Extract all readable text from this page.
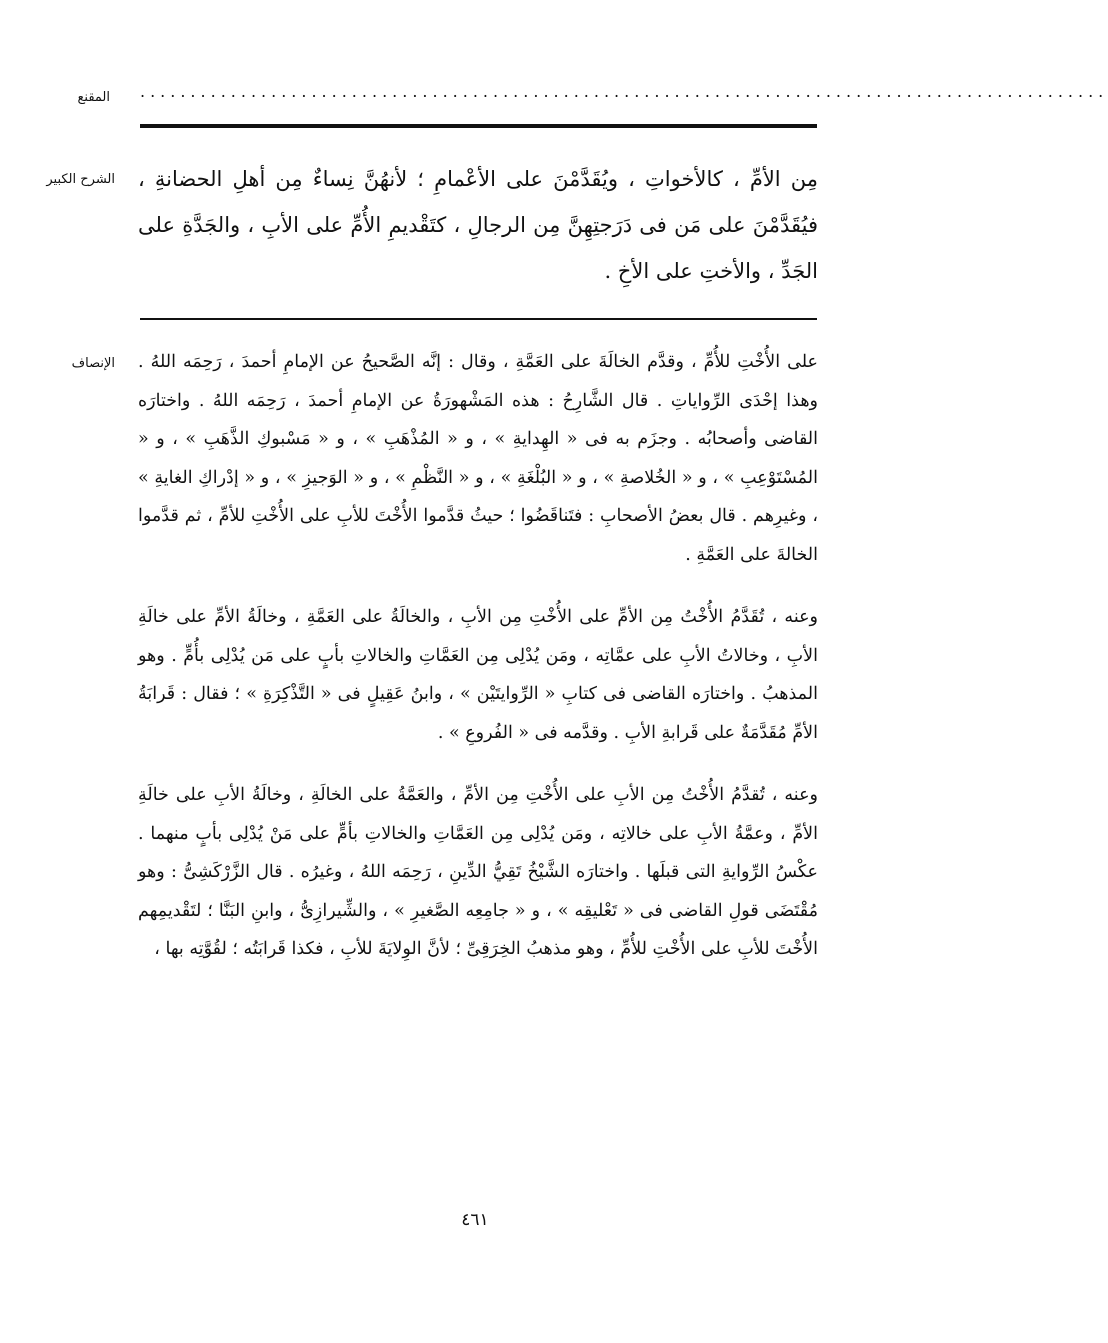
المقنع ................................................................................................
الشرح الكبير مِن الأمِّ ، كالأخواتِ ، ويُقَدَّمْنَ على الأعْمامِ ؛ لأنهُنَّ نِساءٌ مِن أهلِ الحضانةِ ، فيُقَدَّمْنَ على مَن فى دَرَجتِهِنَّ مِن الرجالِ ، كتَقْديمِ الأُمِّ على الأبِ ، والجَدَّةِ على الجَدِّ ، والأختِ على الأخِ .
الإنصاف على الأُخْتِ للأُمِّ ، وقدَّم الخالَةَ على العَمَّةِ ، وقال : إنَّه الصَّحيحُ عن الإمامِ أحمدَ ، رَحِمَه اللهُ . وهذا إحْدَى الرِّواياتِ . قال الشَّارِحُ : هذه المَشْهورَةُ عن الإمامِ أحمدَ ، رَحِمَه اللهُ . واختارَه القاضى وأصحابُه . وجزَم به فى « الهِدايةِ » ، و « المُذْهَبِ » ، و « مَسْبوكِ الذَّهَبِ » ، و « المُسْتَوْعِبِ » ، و « الخُلاصةِ » ، و « البُلْغَةِ » ، و « النَّظْمِ » ، و « الوَجيزِ » ، و « إدْراكِ الغايةِ » ، وغيرِهم . قال بعضُ الأصحابِ : فتَناقَضُوا ؛ حيثُ قدَّموا الأُخْتَ للأبِ على الأُخْتِ للأمِّ ، ثم قدَّموا الخالةَ على العَمَّةِ .

وعنه ، تُقَدَّمُ الأُخْتُ مِن الأمِّ على الأُخْتِ مِن الأبِ ، والخالَةُ على العَمَّةِ ، وخالَةُ الأمِّ على خالَةِ الأبِ ، وخالاتُ الأبِ على عمَّاتِه ، ومَن يُدْلِى مِن العَمَّاتِ والخالاتِ بأبٍ على مَن يُدْلِى بأُمٍّ . وهو المذهبُ . واختارَه القاضى فى كتابِ « الرِّوايتَيْن » ، وابنُ عَقِيلٍ فى « التَّذْكِرَةِ » ؛ فقال : قَرابَةُ الأمِّ مُقَدَّمَةٌ على قَرابةِ الأبِ . وقدَّمه فى « الفُروعِ » .

وعنه ، تُقدَّمُ الأُخْتُ مِن الأبِ على الأُخْتِ مِن الأمِّ ، والعَمَّةُ على الخالَةِ ، وخالَةُ الأبِ على خالَةِ الأمِّ ، وعمَّةُ الأبِ على خالاتِه ، ومَن يُدْلِى مِن العَمَّاتِ والخالاتِ بأمٍّ على مَنْ يُدْلِى بأبٍ منهما . عكْسُ الرِّوايةِ التى قبلَها . واختارَه الشَّيْخُ تَقِيُّ الدِّينِ ، رَحِمَه اللهُ ، وغيرُه . قال الزَّرْكَشِىُّ : وهو مُقْتَضَى قولِ القاضى فى « تَعْليقِه » ، و « جامِعِه الصَّغيرِ » ، والشِّيرازِىُّ ، وابنِ البَنَّا ؛ لتَقْديمِهم الأُخْتَ للأبِ على الأُخْتِ للأُمِّ ، وهو مذهبُ الخِرَقِىِّ ؛ لأنَّ الوِلايَةَ للأبِ ، فكذا قَرابَتُه ؛ لقُوَّتِه بها ،

٤٦١
